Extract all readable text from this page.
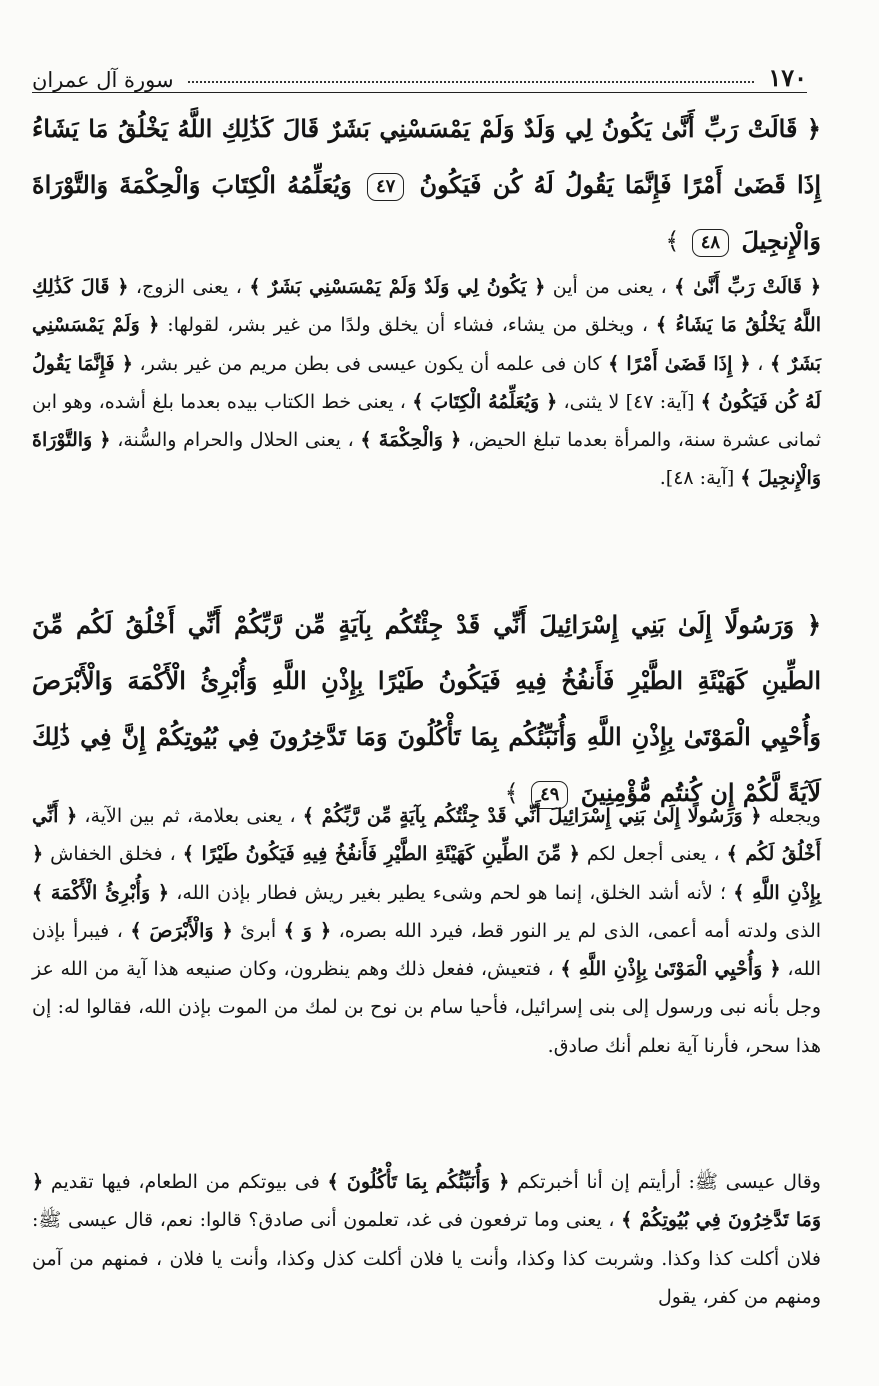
١٧٠
سورة آل عمران
﴿ قَالَتْ رَبِّ أَنَّىٰ يَكُونُ لِي وَلَدٌ وَلَمْ يَمْسَسْنِي بَشَرٌ قَالَ كَذَٰلِكِ اللَّهُ يَخْلُقُ مَا يَشَاءُ إِذَا قَضَىٰ أَمْرًا فَإِنَّمَا يَقُولُ لَهُ كُن فَيَكُونُ ٤٧ وَيُعَلِّمُهُ الْكِتَابَ وَالْحِكْمَةَ وَالتَّوْرَاةَ وَالْإِنجِيلَ ٤٨ ﴾
﴿ قَالَتْ رَبِّ أَنَّىٰ ﴾ ، يعنى من أين ﴿ يَكُونُ لِي وَلَدٌ وَلَمْ يَمْسَسْنِي بَشَرٌ ﴾ ، يعنى الزوج، ﴿ قَالَ كَذَٰلِكِ اللَّهُ يَخْلُقُ مَا يَشَاءُ ﴾ ، ويخلق من يشاء، فشاء أن يخلق ولدًا من غير بشر، لقولها: ﴿ وَلَمْ يَمْسَسْنِي بَشَرٌ ﴾ ، ﴿ إِذَا قَضَىٰ أَمْرًا ﴾ كان فى علمه أن يكون عيسى فى بطن مريم من غير بشر، ﴿ فَإِنَّمَا يَقُولُ لَهُ كُن فَيَكُونُ ﴾ [آية: ٤٧] لا يثنى، ﴿ وَيُعَلِّمُهُ الْكِتَابَ ﴾ ، يعنى خط الكتاب بيده بعدما بلغ أشده، وهو ابن ثمانى عشرة سنة، والمرأة بعدما تبلغ الحيض، ﴿ وَالْحِكْمَةَ ﴾ ، يعنى الحلال والحرام والسُّنة، ﴿ وَالتَّوْرَاةَ وَالْإِنجِيلَ ﴾ [آية: ٤٨].
﴿ وَرَسُولًا إِلَىٰ بَنِي إِسْرَائِيلَ أَنِّي قَدْ جِئْتُكُم بِآيَةٍ مِّن رَّبِّكُمْ أَنِّي أَخْلُقُ لَكُم مِّنَ الطِّينِ كَهَيْئَةِ الطَّيْرِ فَأَنفُخُ فِيهِ فَيَكُونُ طَيْرًا بِإِذْنِ اللَّهِ وَأُبْرِئُ الْأَكْمَهَ وَالْأَبْرَصَ وَأُحْيِي الْمَوْتَىٰ بِإِذْنِ اللَّهِ وَأُنَبِّئُكُم بِمَا تَأْكُلُونَ وَمَا تَدَّخِرُونَ فِي بُيُوتِكُمْ إِنَّ فِي ذَٰلِكَ لَآيَةً لَّكُمْ إِن كُنتُم مُّؤْمِنِينَ ٤٩ ﴾
ويجعله ﴿ وَرَسُولًا إِلَىٰ بَنِي إِسْرَائِيلَ أَنِّي قَدْ جِئْتُكُم بِآيَةٍ مِّن رَّبِّكُمْ ﴾ ، يعنى بعلامة، ثم بين الآية، ﴿ أَنِّي أَخْلُقُ لَكُم ﴾ ، يعنى أجعل لكم ﴿ مِّنَ الطِّينِ كَهَيْئَةِ الطَّيْرِ فَأَنفُخُ فِيهِ فَيَكُونُ طَيْرًا ﴾ ، فخلق الخفاش ﴿ بِإِذْنِ اللَّهِ ﴾ ؛ لأنه أشد الخلق، إنما هو لحم وشىء يطير بغير ريش فطار بإذن الله، ﴿ وَأُبْرِئُ الْأَكْمَهَ ﴾ الذى ولدته أمه أعمى، الذى لم ير النور قط، فيرد الله بصره، ﴿ وَ ﴾ أبرئ ﴿ وَالْأَبْرَصَ ﴾ ، فيبرأ بإذن الله، ﴿ وَأُحْيِي الْمَوْتَىٰ بِإِذْنِ اللَّهِ ﴾ ، فتعيش، ففعل ذلك وهم ينظرون، وكان صنيعه هذا آية من الله عز وجل بأنه نبى ورسول إلى بنى إسرائيل، فأحيا سام بن نوح بن لمك من الموت بإذن الله، فقالوا له: إن هذا سحر، فأرنا آية نعلم أنك صادق.
وقال عيسى ﷺ: أرأيتم إن أنا أخبرتكم ﴿ وَأُنَبِّئُكُم بِمَا تَأْكُلُونَ ﴾ فى بيوتكم من الطعام، فيها تقديم ﴿ وَمَا تَدَّخِرُونَ فِي بُيُوتِكُمْ ﴾ ، يعنى وما ترفعون فى غد، تعلمون أنى صادق؟ قالوا: نعم، قال عيسى ﷺ: فلان أكلت كذا وكذا. وشربت كذا وكذا، وأنت يا فلان أكلت كذل وكذا، وأنت يا فلان ، فمنهم من آمن ومنهم من كفر، يقول
